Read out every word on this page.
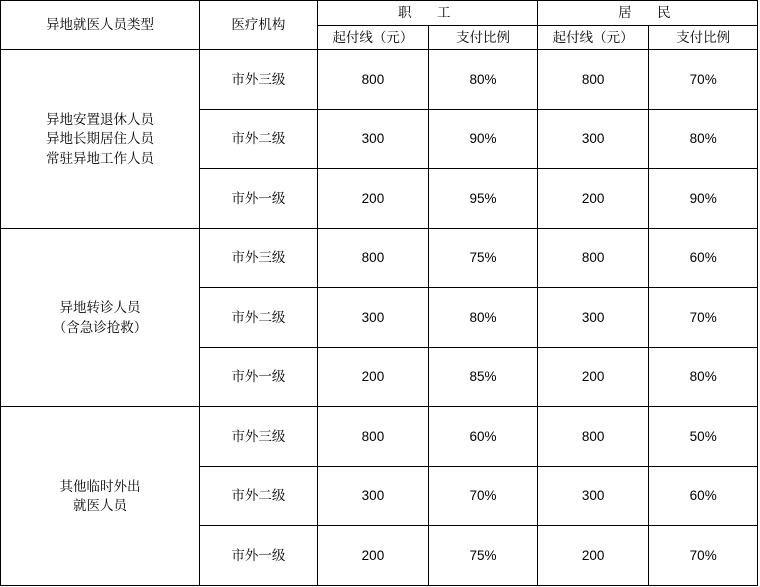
异地就医人员类型	医疗机构	职　工		居　民	
		起付线（元）	支付比例	起付线（元）	支付比例

异地安置退休人员
异地长期居住人员
常驻异地工作人员	市外三级	800	80%	800	70%
	市外二级	300	90%	300	80%
	市外一级	200	95%	200	90%

异地转诊人员
（含急诊抢救）	市外三级	800	75%	800	60%
	市外二级	300	80%	300	70%
	市外一级	200	85%	200	80%

其他临时外出
就医人员	市外三级	800	60%	800	50%
	市外二级	300	70%	300	60%
	市外一级	200	75%	200	70%
